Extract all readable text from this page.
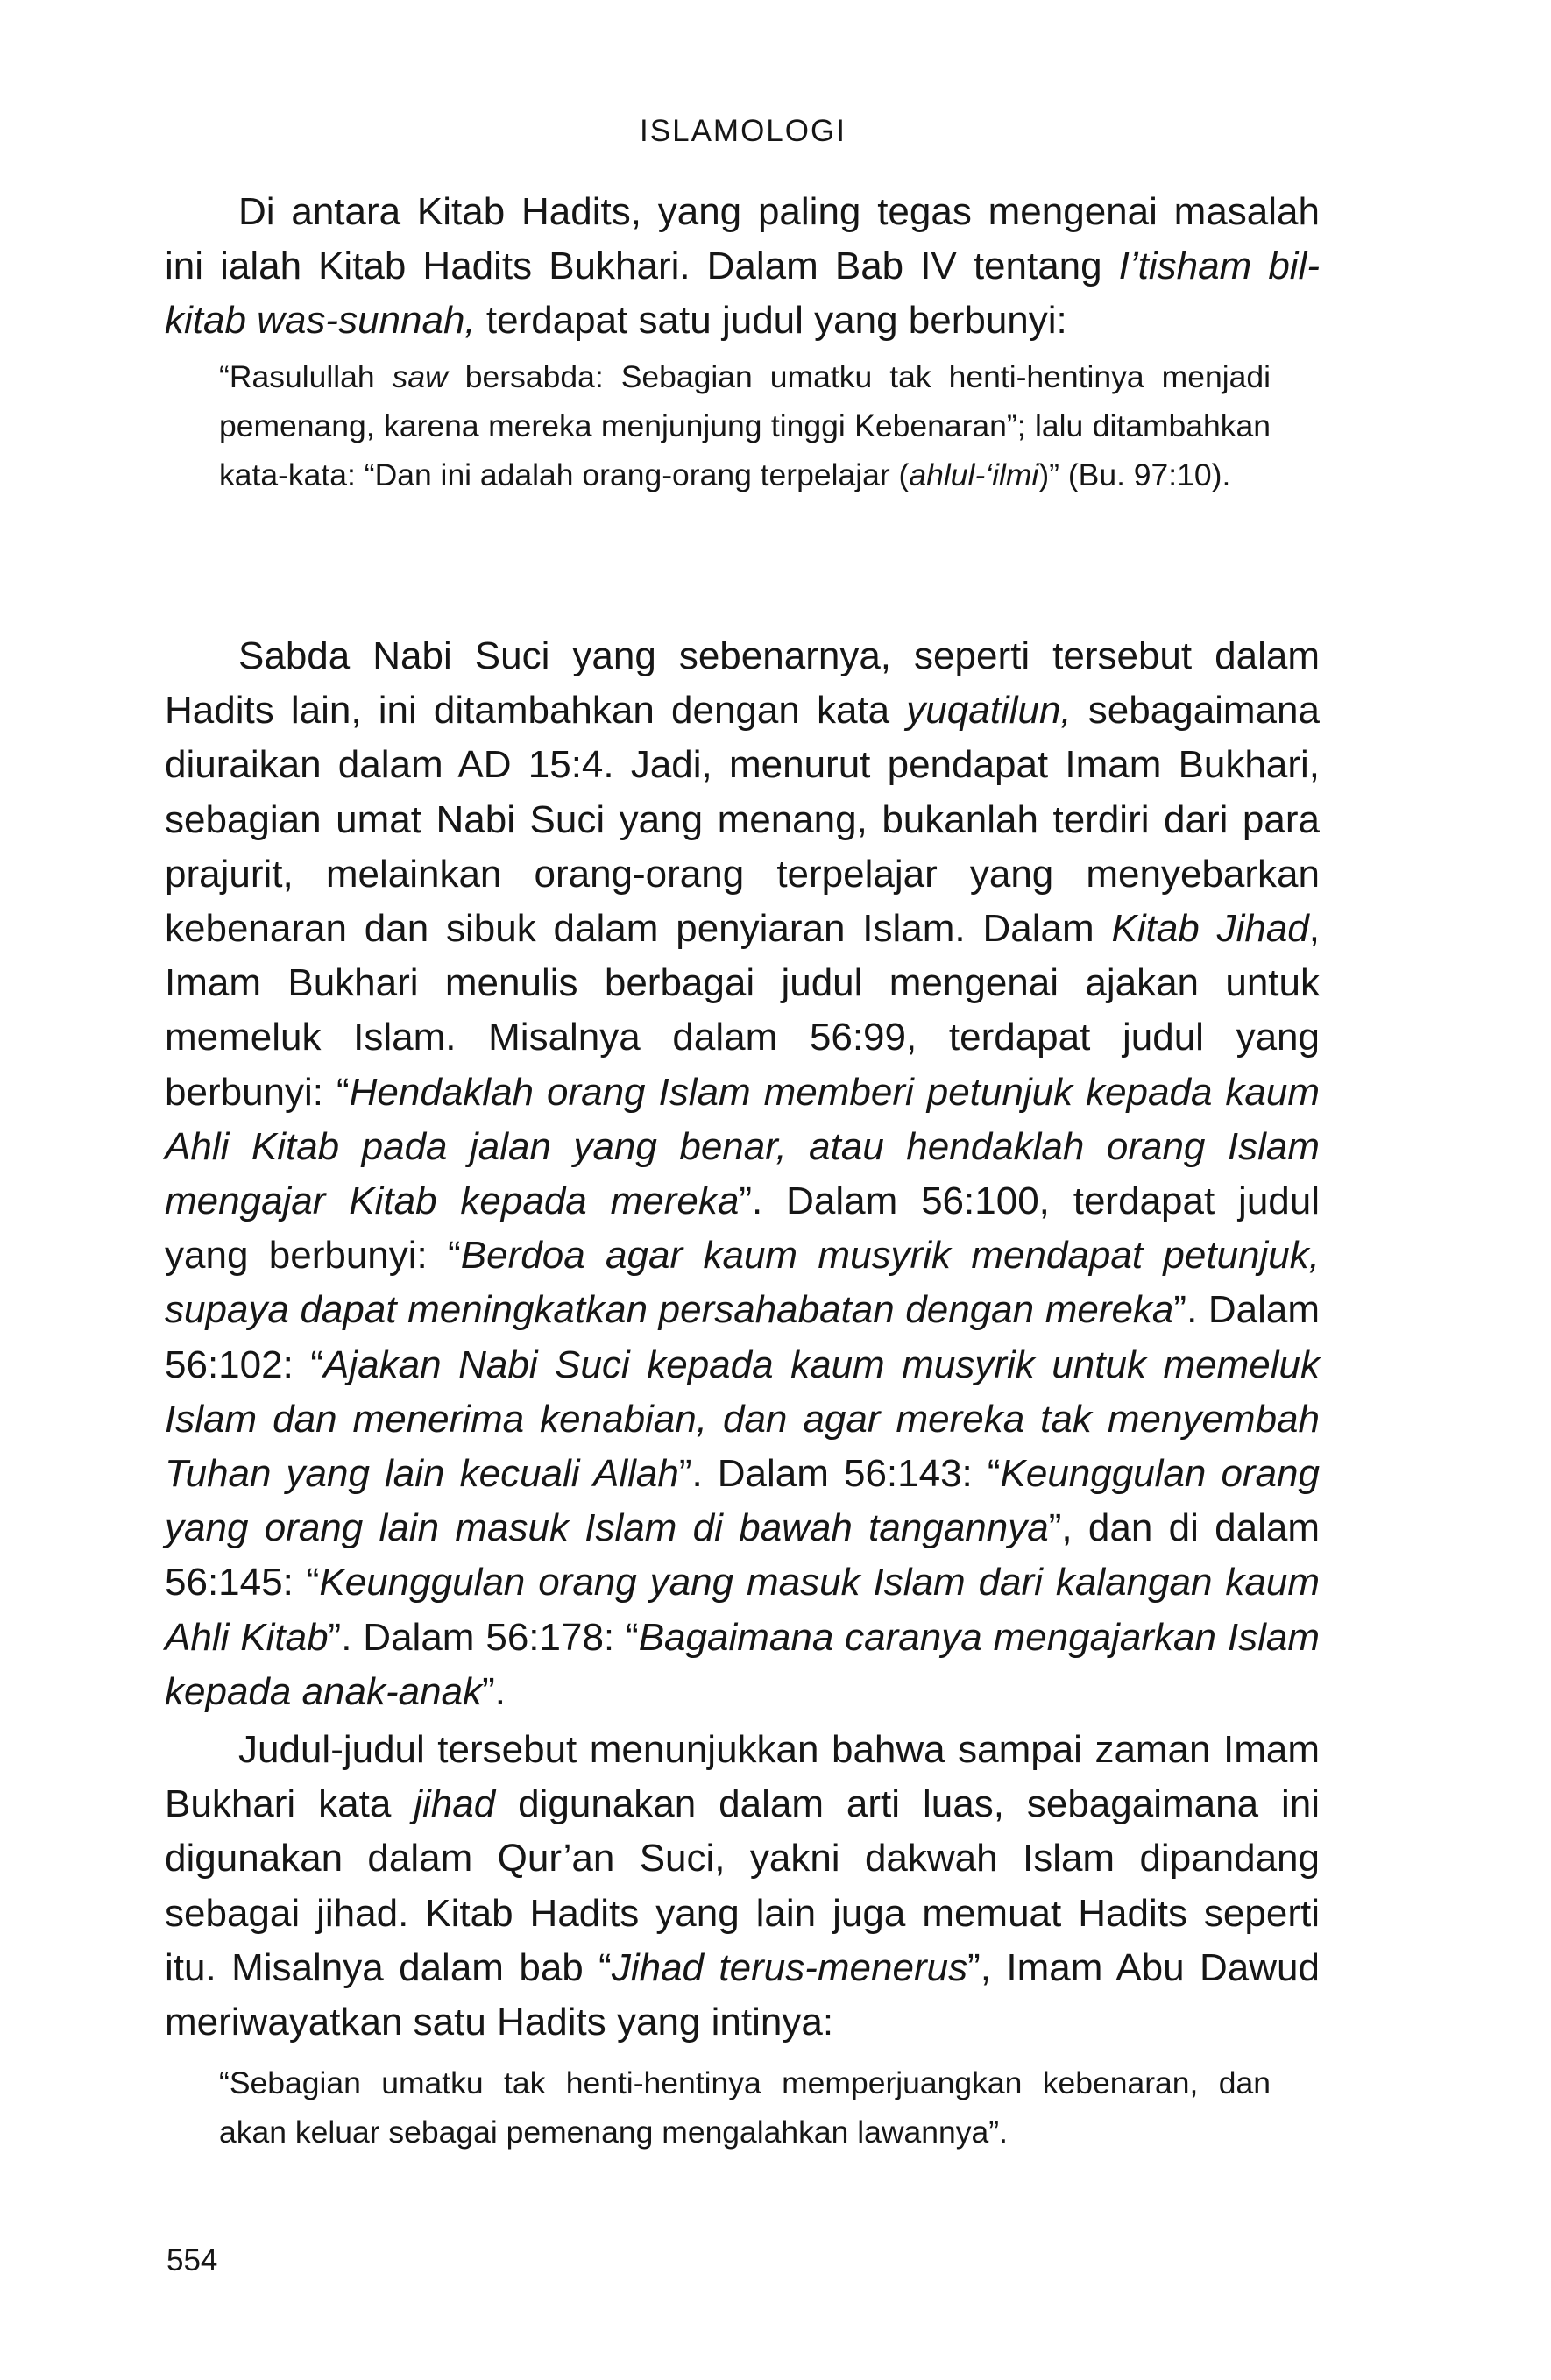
ISLAMOLOGI

Di antara Kitab Hadits, yang paling tegas mengenai masalah ini ialah Kitab Hadits Bukhari. Dalam Bab IV tentang I’tisham bil-kitab was-sunnah, terdapat satu judul yang berbunyi:

“Rasulullah saw bersabda: Sebagian umatku tak henti-hentinya menjadi pemenang, karena mereka menjunjung tinggi Kebenaran”; lalu ditambahkan kata-kata: “Dan ini adalah orang-orang terpelajar (ahlul-‘ilmi)” (Bu. 97:10).

Sabda Nabi Suci yang sebenarnya, seperti tersebut dalam Hadits lain, ini ditambahkan dengan kata yuqatilun, sebagaimana diuraikan dalam AD 15:4. Jadi, menurut pendapat Imam Bukhari, sebagian umat Nabi Suci yang menang, bukanlah terdiri dari para prajurit, melainkan orang-orang terpelajar yang menyebarkan kebenaran dan sibuk dalam penyiaran Islam. Dalam Kitab Jihad, Imam Bukhari menulis berbagai judul mengenai ajakan untuk memeluk Islam. Misalnya dalam 56:99, terdapat judul yang berbunyi: “Hendaklah orang Islam memberi petunjuk kepada kaum Ahli Kitab pada jalan yang benar, atau hendaklah orang Islam mengajar Kitab kepada mereka”. Dalam 56:100, terdapat judul yang berbunyi: “Berdoa agar kaum musyrik mendapat petunjuk, supaya dapat meningkatkan persahabatan dengan mereka”. Dalam 56:102: “Ajakan Nabi Suci kepada kaum musyrik untuk memeluk Islam dan menerima kenabian, dan agar mereka tak menyembah Tuhan yang lain kecuali Allah”. Dalam 56:143: “Keunggulan orang yang orang lain masuk Islam di bawah tangannya”, dan di dalam 56:145: “Keunggulan orang yang masuk Islam dari kalangan kaum Ahli Kitab”. Dalam 56:178: “Bagaimana caranya mengajarkan Islam kepada anak-anak”.

Judul-judul tersebut menunjukkan bahwa sampai zaman Imam Bukhari kata jihad digunakan dalam arti luas, sebagaimana ini digunakan dalam Qur’an Suci, yakni dakwah Islam dipandang sebagai jihad. Kitab Hadits yang lain juga memuat Hadits seperti itu. Misalnya dalam bab “Jihad terus-menerus”, Imam Abu Dawud meriwayatkan satu Hadits yang intinya:

“Sebagian umatku tak henti-hentinya memperjuangkan kebenaran, dan akan keluar sebagai pemenang mengalahkan lawannya”.

554
